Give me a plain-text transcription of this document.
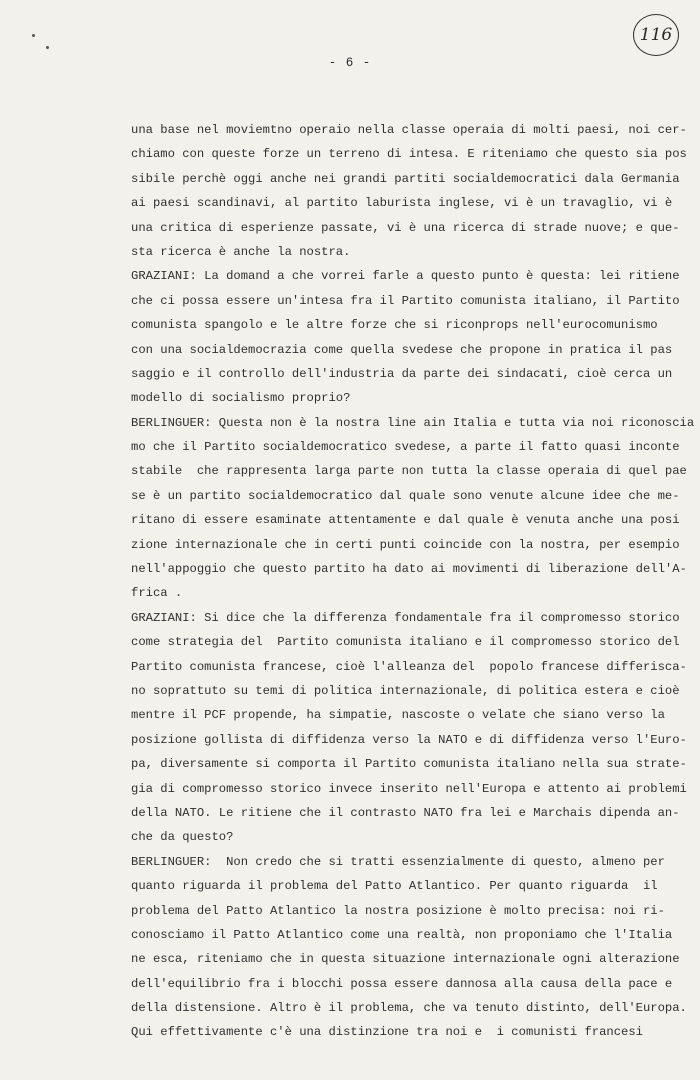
116
- 6 -
una base nel moviemtno operaio nella classe operaia di molti paesi, noi cer-
chiamo con queste forze un terreno di intesa. E riteniamo che questo sia pos
sibile perchè oggi anche nei grandi partiti socialdemocratici dala Germania
ai paesi scandinavi, al partito laburista inglese, vi è un travaglio, vi è
una critica di esperienze passate, vi è una ricerca di strade nuove; e que-
sta ricerca è anche la nostra.
GRAZIANI: La domand a che vorrei farle a questo punto è questa: lei ritiene
che ci possa essere un'intesa fra il Partito comunista italiano, il Partito
comunista spangolo e le altre forze che si riconprops nell'eurocomunismo
con una socialdemocrazia come quella svedese che propone in pratica il pas
saggio e il controllo dell'industria da parte dei sindacati, cioè cerca un
modello di socialismo proprio?
BERLINGUER: Questa non è la nostra line ain Italia e tutta via noi riconoscia
mo che il Partito socialdemocratico svedese, a parte il fatto quasi inconte
stabile  che rappresenta larga parte non tutta la classe operaia di quel pae
se è un partito socialdemocratico dal quale sono venute alcune idee che me-
ritano di essere esaminate attentamente e dal quale è venuta anche una posi
zione internazionale che in certi punti coincide con la nostra, per esempio
nell'appoggio che questo partito ha dato ai movimenti di liberazione dell'A-
frica .
GRAZIANI: Si dice che la differenza fondamentale fra il compromesso storico
come strategia del  Partito comunista italiano e il compromesso storico del
Partito comunista francese, cioè l'alleanza del  popolo francese differisca-
no soprattuto su temi di politica internazionale, di politica estera e cioè
mentre il PCF propende, ha simpatie, nascoste o velate che siano verso la
posizione gollista di diffidenza verso la NATO e di diffidenza verso l'Euro-
pa, diversamente si comporta il Partito comunista italiano nella sua strate-
gia di compromesso storico invece inserito nell'Europa e attento ai problemi
della NATO. Le ritiene che il contrasto NATO fra lei e Marchais dipenda an-
che da questo?
BERLINGUER:  Non credo che si tratti essenzialmente di questo, almeno per
quanto riguarda il problema del Patto Atlantico. Per quanto riguarda  il
problema del Patto Atlantico la nostra posizione è molto precisa: noi ri-
conosciamo il Patto Atlantico come una realtà, non proponiamo che l'Italia
ne esca, riteniamo che in questa situazione internazionale ogni alterazione
dell'equilibrio fra i blocchi possa essere dannosa alla causa della pace e
della distensione. Altro è il problema, che va tenuto distinto, dell'Europa.
Qui effettivamente c'è una distinzione tra noi e  i comunisti francesi
